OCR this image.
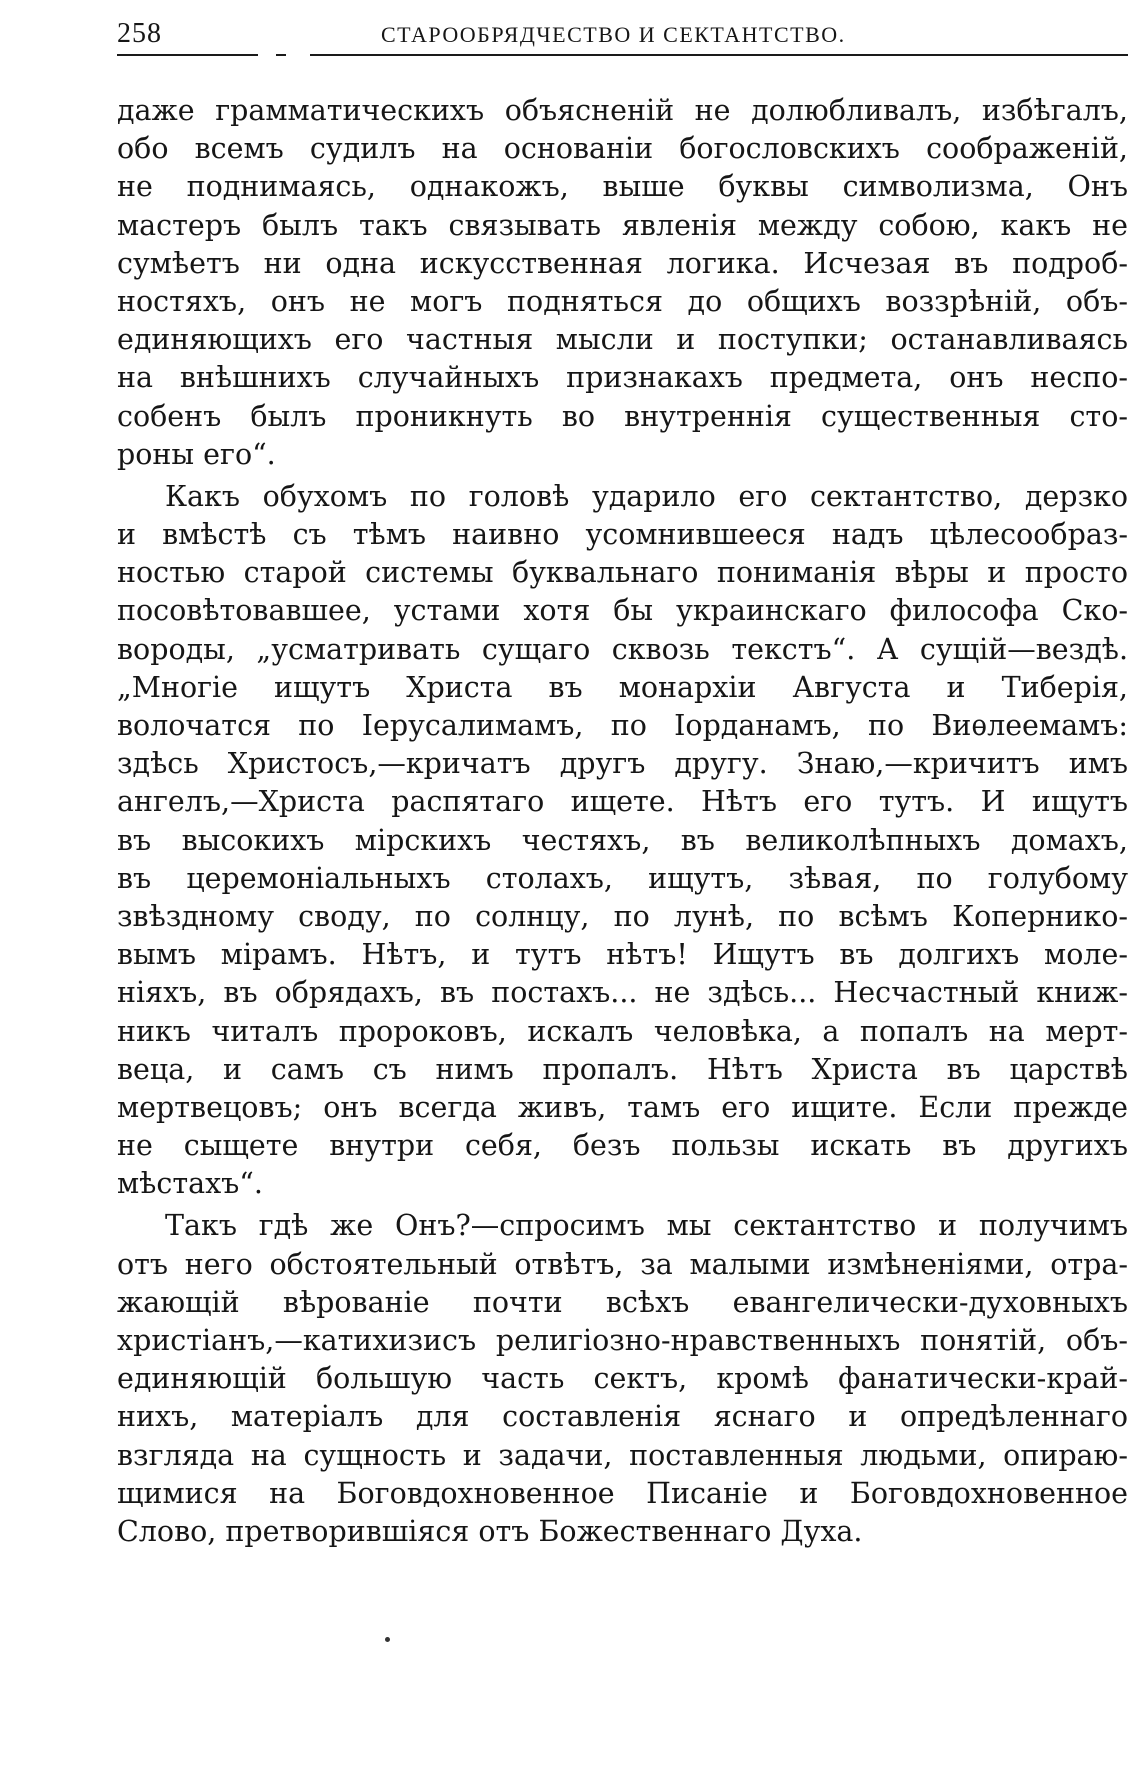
258	СТАРООБРЯДЧЕСТВО И СЕКТАНТСТВО.
даже грамматическихъ объясненій не долюбливалъ, избѣгалъ,
обо всемъ судилъ на основаніи богословскихъ соображеній,
не поднимаясь, однакожъ, выше буквы символизма, Онъ
мастеръ былъ такъ связывать явленія между собою, какъ не
сумѣетъ ни одна искусственная логика. Исчезая въ подроб-
ностяхъ, онъ не могъ подняться до общихъ воззрѣній, объ-
единяющихъ его частныя мысли и поступки; останавливаясь
на внѣшнихъ случайныхъ признакахъ предмета, онъ неспо-
собенъ былъ проникнуть во внутреннія существенныя сто-
роны его“.
Какъ обухомъ по головѣ ударило его сектантство, дерзко
и вмѣстѣ съ тѣмъ наивно усомнившееся надъ цѣлесообраз-
ностью старой системы буквальнаго пониманія вѣры и просто
посовѣтовавшее, устами хотя бы украинскаго философа Ско-
вороды, „усматривать сущаго сквозь текстъ“. А сущій—вездѣ.
„Многіе ищутъ Христа въ монархіи Августа и Тиберія,
волочатся по Іерусалимамъ, по Іорданамъ, по Виѳлеемамъ:
здѣсь Христосъ,—кричатъ другъ другу. Знаю,—кричитъ имъ
ангелъ,—Христа распятаго ищете. Нѣтъ его тутъ. И ищутъ
въ высокихъ мірскихъ честяхъ, въ великолѣпныхъ домахъ,
въ церемоніальныхъ столахъ, ищутъ, зѣвая, по голубому
звѣздному своду, по солнцу, по лунѣ, по всѣмъ Копернико-
вымъ мірамъ. Нѣтъ, и тутъ нѣтъ! Ищутъ въ долгихъ моле-
ніяхъ, въ обрядахъ, въ постахъ... не здѣсь... Несчастный книж-
никъ читалъ пророковъ, искалъ человѣка, а попалъ на мерт-
веца, и самъ съ нимъ пропалъ. Нѣтъ Христа въ царствѣ
мертвецовъ; онъ всегда живъ, тамъ его ищите. Если прежде
не сыщете внутри себя, безъ пользы искать въ другихъ
мѣстахъ“.
Такъ гдѣ же Онъ?—спросимъ мы сектантство и получимъ
отъ него обстоятельный отвѣтъ, за малыми измѣненіями, отра-
жающій вѣрованіе почти всѣхъ евангелически-духовныхъ
христіанъ,—катихизисъ религіозно-нравственныхъ понятій, объ-
единяющій большую часть сектъ, кромѣ фанатически-край-
нихъ, матеріалъ для составленія яснаго и опредѣленнаго
взгляда на сущность и задачи, поставленныя людьми, опираю-
щимися на Боговдохновенное Писаніе и Боговдохновенное
Слово, претворившіяся отъ Божественнаго Духа.
